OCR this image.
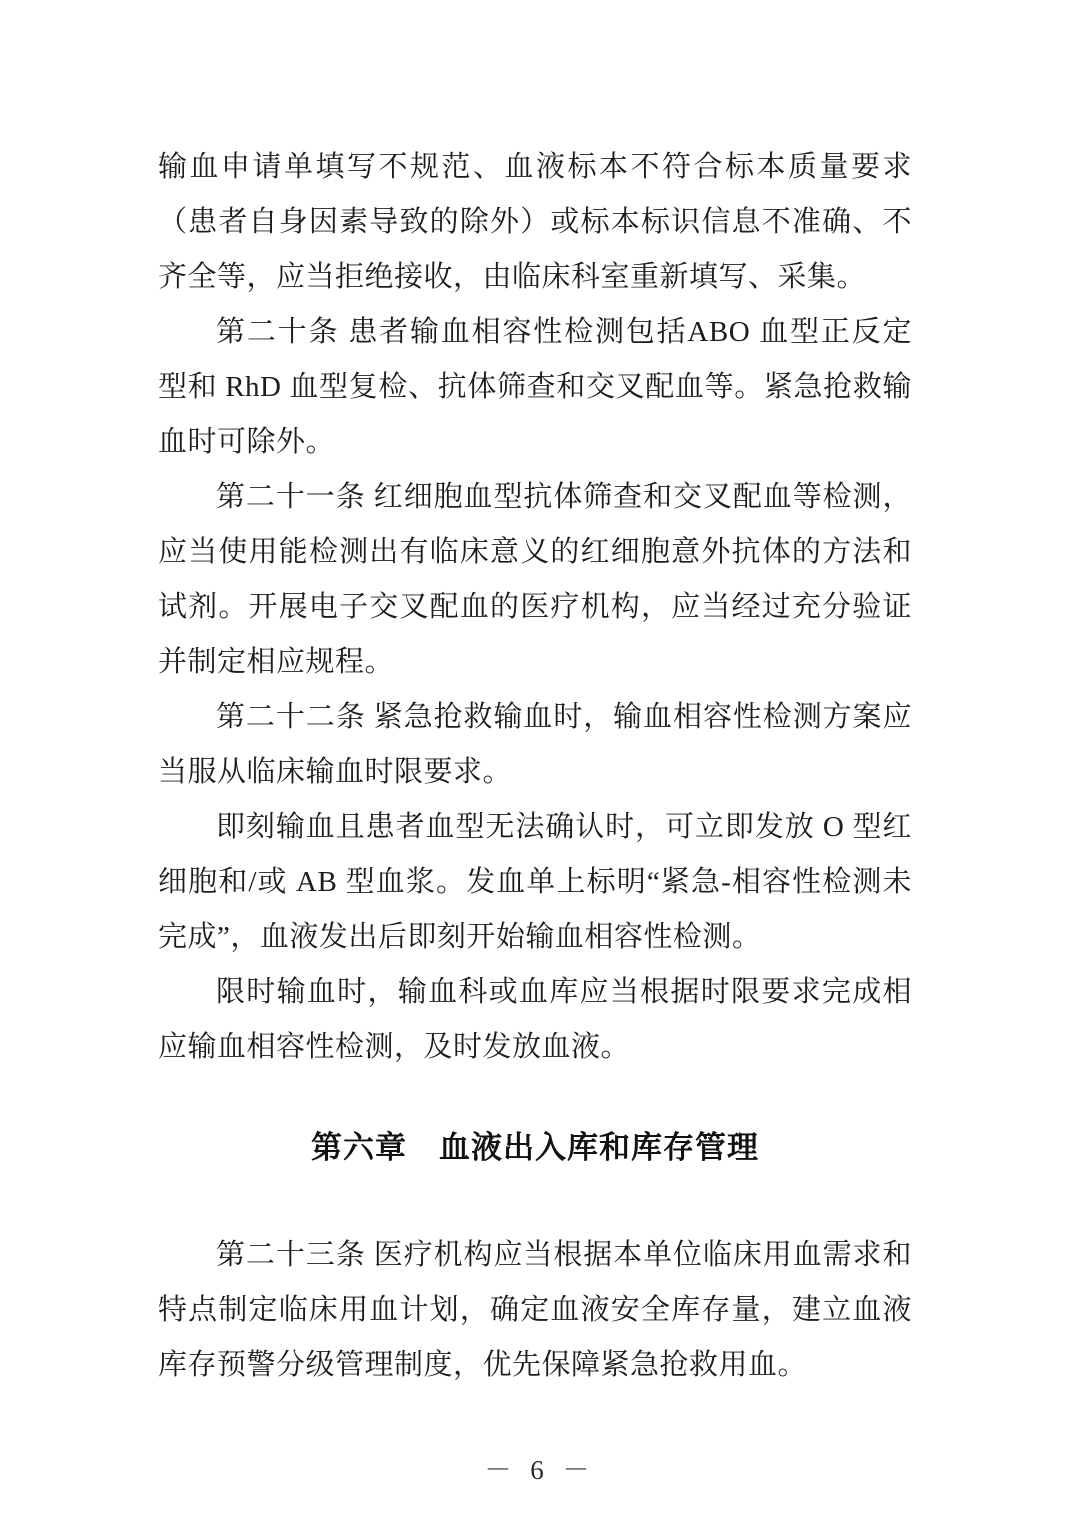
输血申请单填写不规范、血液标本不符合标本质量要求（患者自身因素导致的除外）或标本标识信息不准确、不齐全等，应当拒绝接收，由临床科室重新填写、采集。

第二十条 患者输血相容性检测包括ABO 血型正反定型和 RhD 血型复检、抗体筛查和交叉配血等。紧急抢救输血时可除外。

第二十一条 红细胞血型抗体筛查和交叉配血等检测，应当使用能检测出有临床意义的红细胞意外抗体的方法和试剂。开展电子交叉配血的医疗机构，应当经过充分验证并制定相应规程。

第二十二条 紧急抢救输血时，输血相容性检测方案应当服从临床输血时限要求。

即刻输血且患者血型无法确认时，可立即发放 O 型红细胞和/或 AB 型血浆。发血单上标明“紧急-相容性检测未完成”，血液发出后即刻开始输血相容性检测。

限时输血时，输血科或血库应当根据时限要求完成相应输血相容性检测，及时发放血液。

第六章　血液出入库和库存管理

第二十三条 医疗机构应当根据本单位临床用血需求和特点制定临床用血计划，确定血液安全库存量，建立血液库存预警分级管理制度，优先保障紧急抢救用血。

－ 6 －
